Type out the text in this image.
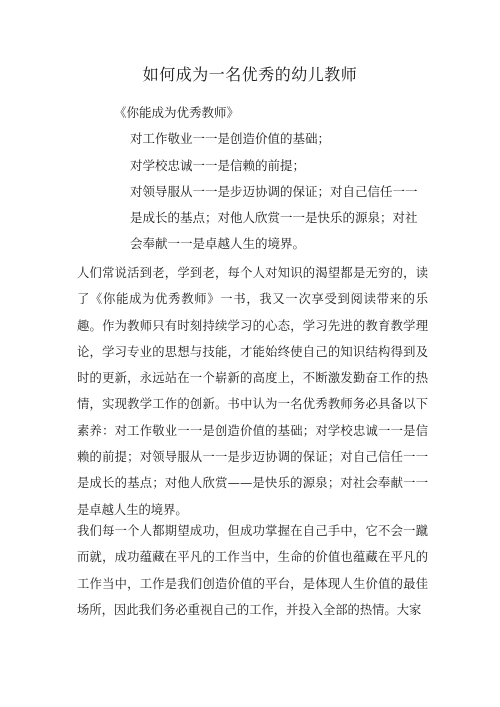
如何成为一名优秀的幼儿教师
《你能成为优秀教师》
对工作敬业一一是创造价值的基础；
对学校忠诚一一是信赖的前提；
对领导服从一一是步迈协调的保证；对自己信任一一
是成长的基点；对他人欣赏一一是快乐的源泉；对社
会奉献一一是卓越人生的境界。
人们常说活到老，学到老，每个人对知识的渴望都是无穷的，读了《你能成为优秀教师》一书，我又一次享受到阅读带来的乐趣。作为教师只有时刻持续学习的心态，学习先进的教育教学理论，学习专业的思想与技能，才能始终使自己的知识结构得到及时的更新，永远站在一个崭新的高度上，不断激发勤奋工作的热情，实现教学工作的创新。书中认为一名优秀教师务必具备以下素养：对工作敬业一一是创造价值的基础；对学校忠诚一一是信赖的前提；对领导服从一一是步迈协调的保证；对自己信任一一是成长的基点；对他人欣赏——是快乐的源泉；对社会奉献一一是卓越人生的境界。
我们每一个人都期望成功，但成功掌握在自己手中，它不会一蹴而就，成功蕴藏在平凡的工作当中，生命的价值也蕴藏在平凡的工作当中，工作是我们创造价值的平台，是体现人生价值的最佳场所，因此我们务必重视自己的工作，并投入全部的热情。大家
